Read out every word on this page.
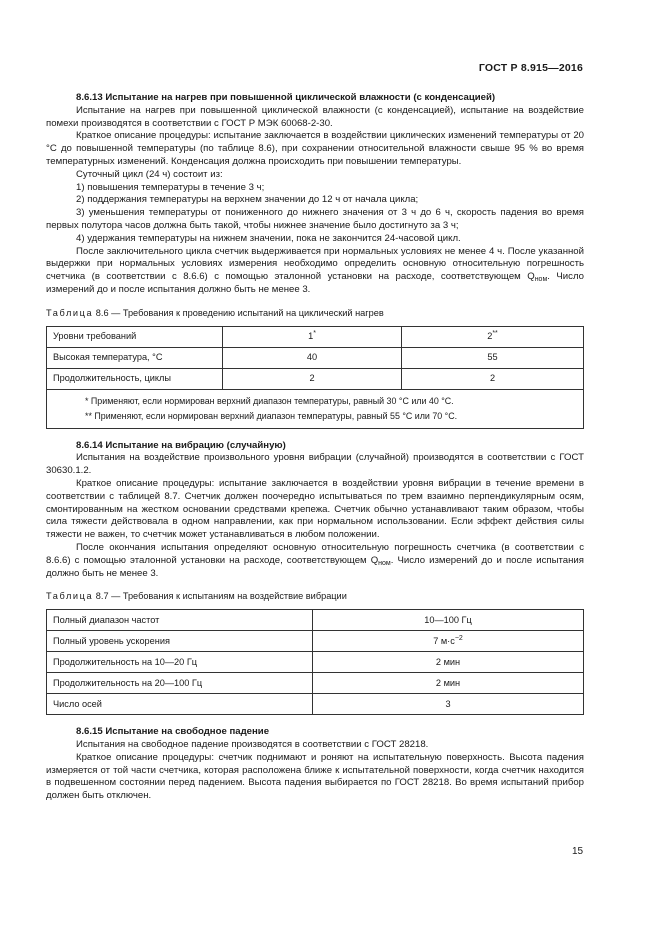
ГОСТ Р 8.915—2016

8.6.13 Испытание на нагрев при повышенной циклической влажности (с конденсацией)

Испытание на нагрев при повышенной циклической влажности (с конденсацией), испытание на воздействие помехи производятся в соответствии с ГОСТ Р МЭК 60068-2-30.

Краткое описание процедуры: испытание заключается в воздействии циклических изменений температуры от 20 °C до повышенной температуры (по таблице 8.6), при сохранении относительной влажности свыше 95 % во время температурных изменений. Конденсация должна происходить при повышении температуры.

Суточный цикл (24 ч) состоит из:

1) повышения температуры в течение 3 ч;

2) поддержания температуры на верхнем значении до 12 ч от начала цикла;

3) уменьшения температуры от пониженного до нижнего значения от 3 ч до 6 ч, скорость падения во время первых полутора часов должна быть такой, чтобы нижнее значение было достигнуто за 3 ч;

4) удержания температуры на нижнем значении, пока не закончится 24-часовой цикл.

После заключительного цикла счетчик выдерживается при нормальных условиях не менее 4 ч. После указанной выдержки при нормальных условиях измерения необходимо определить основную относительную погрешность счетчика (в соответствии с 8.6.6) с помощью эталонной установки на расходе, соответствующем $Q_{ном}$. Число измерений до и после испытания должно быть не менее 3.

Таблица 8.6 — Требования к проведению испытаний на циклический нагрев

Уровни требований	1*	2**
Высокая температура, °C	40	55
Продолжительность, циклы	2	2

* Применяют, если нормирован верхний диапазон температуры, равный 30 °C или 40 °C.
** Применяют, если нормирован верхний диапазон температуры, равный 55 °C или 70 °C.		

8.6.14 Испытание на вибрацию (случайную)

Испытания на воздействие произвольного уровня вибрации (случайной) производятся в соответствии с ГОСТ 30630.1.2.

Краткое описание процедуры: испытание заключается в воздействии уровня вибрации в течение времени в соответствии с таблицей 8.7. Счетчик должен поочередно испытываться по трем взаимно перпендикулярным осям, смонтированным на жестком основании средствами крепежа. Счетчик обычно устанавливают таким образом, чтобы сила тяжести действовала в одном направлении, как при нормальном использовании. Если эффект действия силы тяжести не важен, то счетчик может устанавливаться в любом положении.

После окончания испытания определяют основную относительную погрешность счетчика (в соответствии с 8.6.6) с помощью эталонной установки на расходе, соответствующем $Q_{ном}$. Число измерений до и после испытания должно быть не менее 3.

Таблица 8.7 — Требования к испытаниям на воздействие вибрации

Полный диапазон частот	10—100 Гц
Полный уровень ускорения	7 $м\cdot с^{-2}$
Продолжительность на 10—20 Гц	2 мин
Продолжительность на 20—100 Гц	2 мин
Число осей	3

8.6.15 Испытание на свободное падение

Испытания на свободное падение производятся в соответствии с ГОСТ 28218.

Краткое описание процедуры: счетчик поднимают и роняют на испытательную поверхность. Высота падения измеряется от той части счетчика, которая расположена ближе к испытательной поверхности, когда счетчик находится в подвешенном состоянии перед падением. Высота падения выбирается по ГОСТ 28218. Во время испытаний прибор должен быть отключен.

15
